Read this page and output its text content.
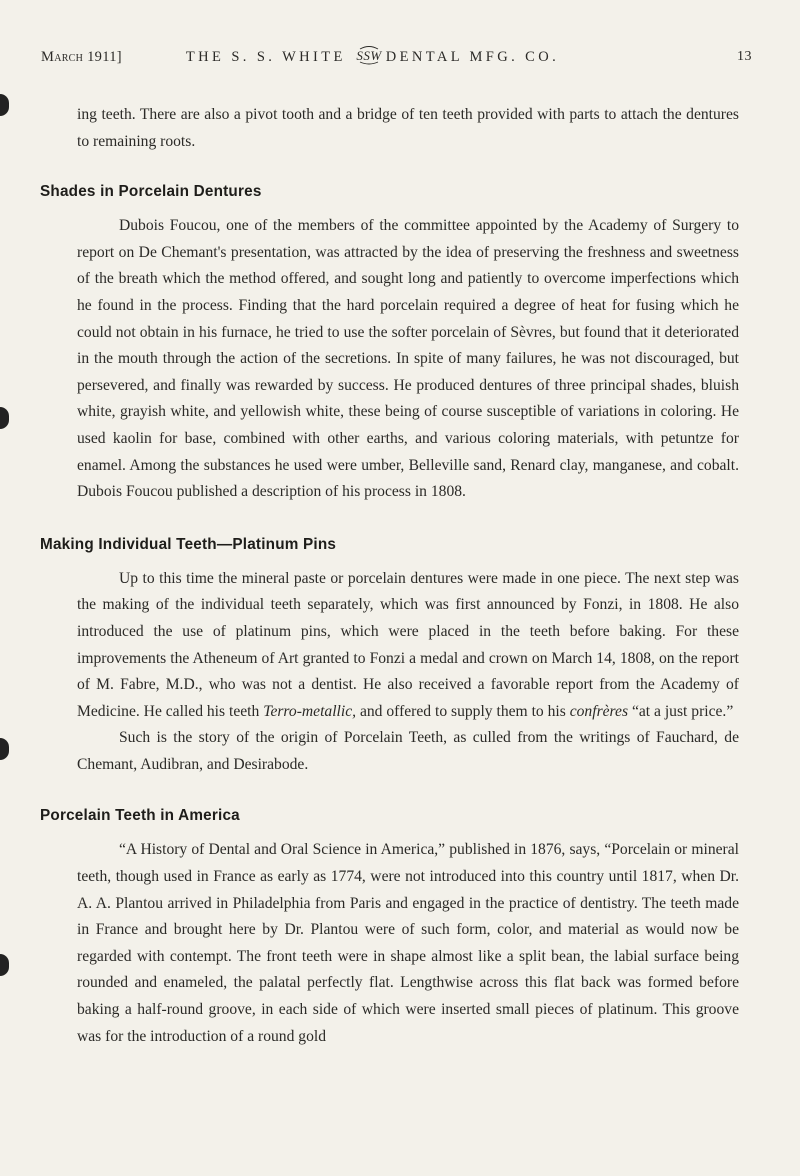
March 1911]	THE S. S. WHITE SSW DENTAL MFG. CO.	13

ing teeth. There are also a pivot tooth and a bridge of ten teeth provided with parts to attach the dentures to remaining roots.

Shades in Porcelain Dentures

Dubois Foucou, one of the members of the committee appointed by the Academy of Surgery to report on De Chemant's presentation, was attracted by the idea of preserving the freshness and sweetness of the breath which the method offered, and sought long and patiently to overcome imperfections which he found in the process. Finding that the hard porcelain required a degree of heat for fusing which he could not obtain in his furnace, he tried to use the softer porcelain of Sèvres, but found that it deteriorated in the mouth through the action of the secretions. In spite of many failures, he was not discouraged, but persevered, and finally was rewarded by success. He produced dentures of three principal shades, bluish white, grayish white, and yellowish white, these being of course susceptible of variations in coloring. He used kaolin for base, combined with other earths, and various coloring materials, with petuntze for enamel. Among the substances he used were umber, Belleville sand, Renard clay, manganese, and cobalt. Dubois Foucou published a description of his process in 1808.

Making Individual Teeth—Platinum Pins

Up to this time the mineral paste or porcelain dentures were made in one piece. The next step was the making of the individual teeth separately, which was first announced by Fonzi, in 1808. He also introduced the use of platinum pins, which were placed in the teeth before baking. For these improvements the Atheneum of Art granted to Fonzi a medal and crown on March 14, 1808, on the report of M. Fabre, M.D., who was not a dentist. He also received a favorable report from the Academy of Medicine. He called his teeth Terro-metallic, and offered to supply them to his confrères “at a just price.”

Such is the story of the origin of Porcelain Teeth, as culled from the writings of Fauchard, de Chemant, Audibran, and Desirabode.

Porcelain Teeth in America

“A History of Dental and Oral Science in America,” published in 1876, says, “Porcelain or mineral teeth, though used in France as early as 1774, were not introduced into this country until 1817, when Dr. A. A. Plantou arrived in Philadelphia from Paris and engaged in the practice of dentistry. The teeth made in France and brought here by Dr. Plantou were of such form, color, and material as would now be regarded with contempt. The front teeth were in shape almost like a split bean, the labial surface being rounded and enameled, the palatal perfectly flat. Lengthwise across this flat back was formed before baking a half-round groove, in each side of which were inserted small pieces of platinum. This groove was for the introduction of a round gold
